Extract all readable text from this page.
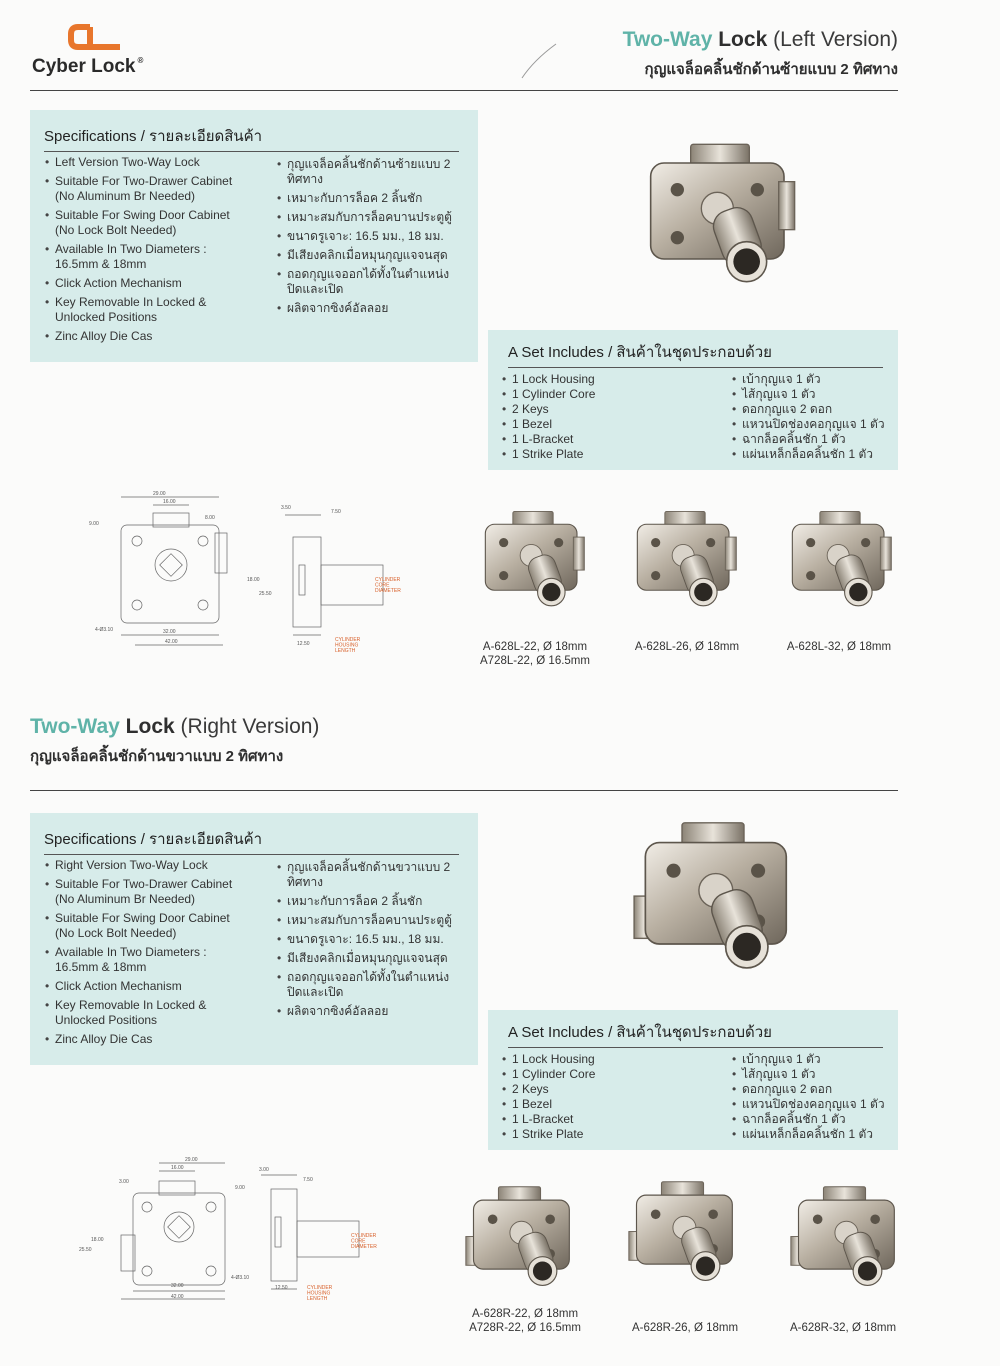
Cyber Lock ®
Two-Way Lock (Left Version)
กุญแจล็อคลิ้นชักด้านซ้ายแบบ 2 ทิศทาง
Specifications / รายละเอียดสินค้า
• Left Version Two-Way Lock
• Suitable For Two-Drawer Cabinet
(No Aluminum Br Needed)
• Suitable For Swing Door Cabinet
(No Lock Bolt Needed)
• Available In Two Diameters :
16.5mm & 18mm
• Click Action Mechanism
• Key Removable In Locked &
Unlocked Positions
• Zinc Alloy Die Cas
• กุญแจล็อคลิ้นชักด้านซ้ายแบบ 2 ทิศทาง
• เหมาะกับการล็อค 2 ลิ้นชัก
• เหมาะสมกับการล็อคบานประตูตู้
• ขนาดรูเจาะ: 16.5 มม., 18 มม.
• มีเสียงคลิกเมื่อหมุนกุญแจจนสุด
• ถอดกุญแจออกได้ทั้งในตำแหน่ง
ปิดและเปิด
• ผลิตจากซิงค์อัลลอย
A Set Includes / สินค้าในชุดประกอบด้วย
• 1 Lock Housing
• 1 Cylinder Core
• 2 Keys
• 1 Bezel
• 1 L-Bracket
• 1 Strike Plate
• เบ้ากุญแจ 1 ตัว
• ไส้กุญแจ 1 ตัว
• ดอกกุญแจ 2 ดอก
• แหวนปิดช่องคอกุญแจ 1 ตัว
• ฉากล็อคลิ้นชัก 1 ตัว
• แผ่นเหล็กล็อคลิ้นชัก 1 ตัว
29.00
16.00
8.00
9.00
18.00
25.50
32.00
42.00
4-Ø3.10
3.50
7.50
12.50
CYLINDER CORE DIAMETER
CYLINDER HOUSING LENGTH	A-628L-22, Ø 18mm
A728L-22, Ø 16.5mm
A-628L-26, Ø 18mm	A-628L-32, Ø 18mm
Two-Way Lock (Right Version)
กุญแจล็อคลิ้นชักด้านขวาแบบ 2 ทิศทาง
Specifications / รายละเอียดสินค้า
• Right Version Two-Way Lock
• Suitable For Two-Drawer Cabinet
(No Aluminum Br Needed)
• Suitable For Swing Door Cabinet
(No Lock Bolt Needed)
• Available In Two Diameters :
16.5mm & 18mm
• Click Action Mechanism
• Key Removable In Locked &
Unlocked Positions
• Zinc Alloy Die Cas
• กุญแจล็อคลิ้นชักด้านขวาแบบ 2 ทิศทาง
• เหมาะกับการล็อค 2 ลิ้นชัก
• เหมาะสมกับการล็อคบานประตูตู้
• ขนาดรูเจาะ: 16.5 มม., 18 มม.
• มีเสียงคลิกเมื่อหมุนกุญแจจนสุด
• ถอดกุญแจออกได้ทั้งในตำแหน่ง
ปิดและเปิด
• ผลิตจากซิงค์อัลลอย
A Set Includes / สินค้าในชุดประกอบด้วย
• 1 Lock Housing
• 1 Cylinder Core
• 2 Keys
• 1 Bezel
• 1 L-Bracket
• 1 Strike Plate
• เบ้ากุญแจ 1 ตัว
• ไส้กุญแจ 1 ตัว
• ดอกกุญแจ 2 ดอก
• แหวนปิดช่องคอกุญแจ 1 ตัว
• ฉากล็อคลิ้นชัก 1 ตัว
• แผ่นเหล็กล็อคลิ้นชัก 1 ตัว
29.00
16.00
3.00
9.00
18.00
25.50
32.00
42.00
4-Ø3.10
3.00
7.50
12.50
CYLINDER CORE DIAMETER
CYLINDER HOUSING LENGTH
A-628R-22, Ø 18mm
A728R-22, Ø 16.5mm	A-628R-26, Ø 18mm	A-628R-32, Ø 18mm
